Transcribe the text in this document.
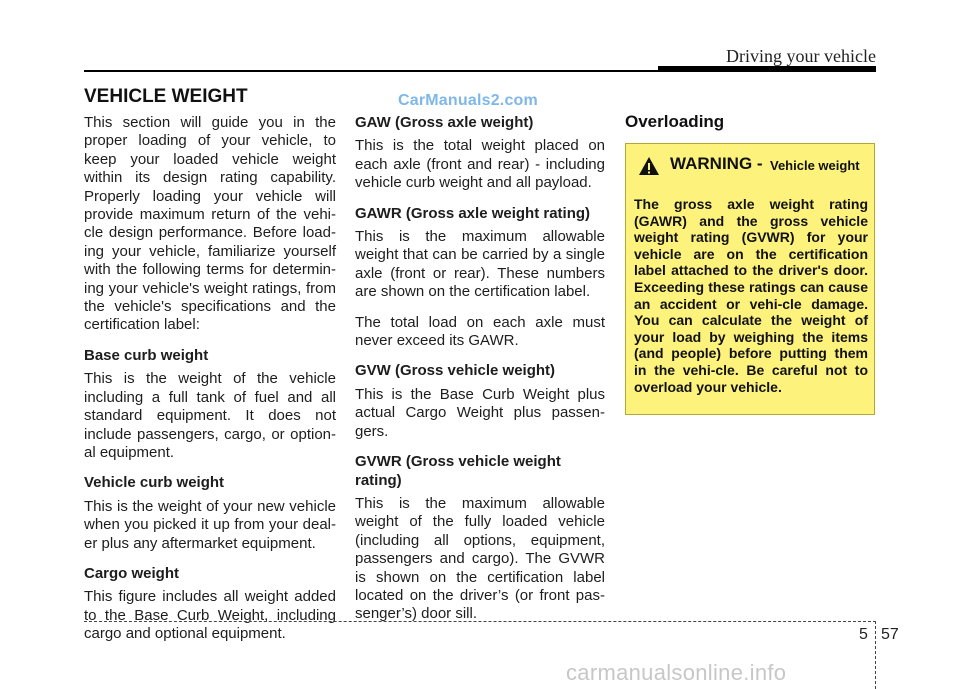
Driving your vehicle
VEHICLE WEIGHT	CarManuals2.com

This section will guide you in the proper loading of your vehicle, to keep your loaded vehicle weight within its design rating capability. Properly loading your vehicle will provide maximum return of the vehi-cle design performance. Before load-ing your vehicle, familiarize yourself with the following terms for determin-ing your vehicle's weight ratings, from the vehicle's specifications and the certification label:

Base curb weight

This is the weight of the vehicle including a full tank of fuel and all standard equipment. It does not include passengers, cargo, or option-al equipment.

Vehicle curb weight

This is the weight of your new vehicle when you picked it up from your deal-er plus any aftermarket equipment.

Cargo weight

This figure includes all weight added to the Base Curb Weight, including cargo and optional equipment.

GAW (Gross axle weight)

This is the total weight placed on each axle (front and rear) - including vehicle curb weight and all payload.

GAWR (Gross axle weight rating)

This is the maximum allowable weight that can be carried by a single axle (front or rear). These numbers are shown on the certification label.

The total load on each axle must never exceed its GAWR.

GVW (Gross vehicle weight)

This is the Base Curb Weight plus actual Cargo Weight plus passen-gers.

GVWR (Gross vehicle weight rating)

This is the maximum allowable weight of the fully loaded vehicle (including all options, equipment, passengers and cargo). The GVWR is shown on the certification label located on the driver’s (or front pas-senger’s) door sill.

Overloading
WARNING - Vehicle weight
The gross axle weight rating (GAWR) and the gross vehicle weight rating (GVWR) for your vehicle are on the certification label attached to the driver's door. Exceeding these ratings can cause an accident or vehi-cle damage. You can calculate the weight of your load by weighing the items (and people) before putting them in the vehi-cle. Be careful not to overload your vehicle.
5 57
carmanualsonline.info
